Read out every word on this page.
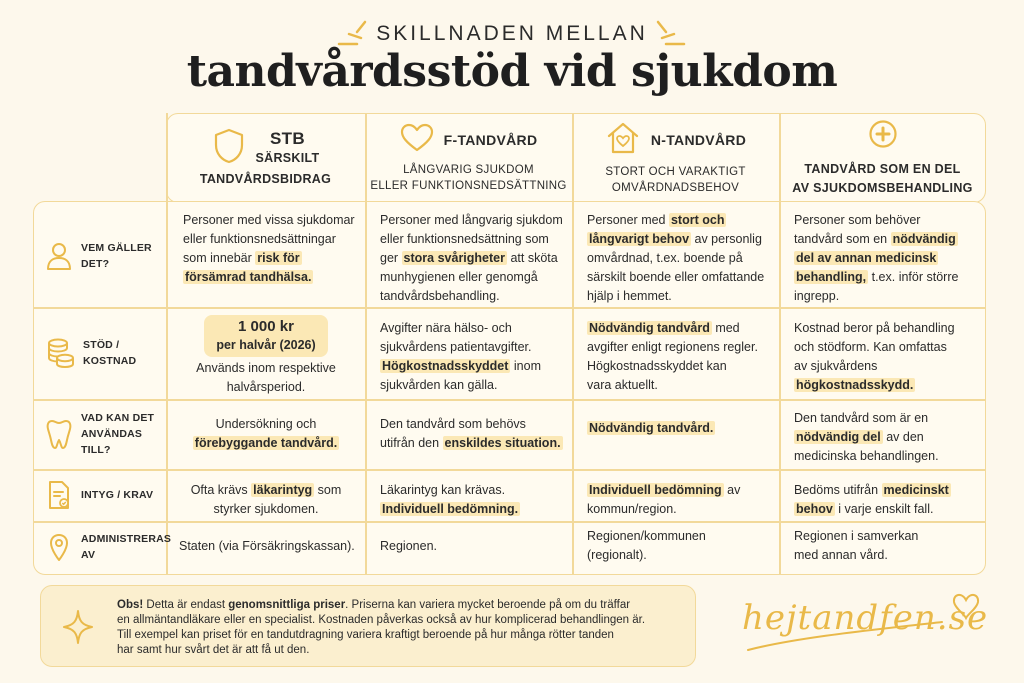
SKILLNADEN MELLAN
tandvårdsstöd vid sjukdom
STB
SÄRSKILT
TANDVÅRDSBIDRAG
F-TANDVÅRD
LÅNGVARIG SJUKDOM
ELLER FUNKTIONSNEDSÄTTNING
N-TANDVÅRD
STORT OCH VARAKTIGT
OMVÅRDNADSBEHOV
TANDVÅRD SOM EN DEL
AV SJUKDOMSBEHANDLING
VEM GÄLLER
DET?
STÖD /
KOSTNAD
VAD KAN DET
ANVÄNDAS TILL?
INTYG / KRAV
ADMINISTRERAS AV
Personer med vissa sjukdomar
eller funktionsnedsättningar
som innebär risk för
försämrad tandhälsa.
Personer med långvarig sjukdom
eller funktionsnedsättning som
ger stora svårigheter att sköta
munhygienen eller genomgå
tandvårdsbehandling.
Personer med stort och
långvarigt behov av personlig
omvårdnad, t.ex. boende på
särskilt boende eller omfattande
hjälp i hemmet.
Personer som behöver
tandvård som en nödvändig
del av annan medicinsk
behandling, t.ex. inför större
ingrepp.
1 000 kr
per halvår (2026)
Används inom respektive
halvårsperiod.
Avgifter nära hälso- och
sjukvårdens patientavgifter.
Högkostnadsskyddet inom
sjukvården kan gälla.
Nödvändig tandvård med
avgifter enligt regionens regler.
Högkostnadsskyddet kan
vara aktuellt.
Kostnad beror på behandling
och stödform. Kan omfattas
av sjukvårdens
högkostnadsskydd.
Undersökning och
förebyggande tandvård.
Den tandvård som behövs
utifrån den enskildes situation.
Nödvändig tandvård.
Den tandvård som är en
nödvändig del av den
medicinska behandlingen.
Ofta krävs läkarintyg som
styrker sjukdomen.
Läkarintyg kan krävas.
Individuell bedömning.
Individuell bedömning av
kommun/region.
Bedöms utifrån medicinskt
behov i varje enskilt fall.
Staten (via Försäkringskassan).	Regionen.
Regionen/kommunen
(regionalt).
Regionen i samverkan
med annan vård.
Obs! Detta är endast genomsnittliga priser. Priserna kan variera mycket beroende på om du träffar
en allmäntandläkare eller en specialist. Kostnaden påverkas också av hur komplicerad behandlingen är.
Till exempel kan priset för en tandutdragning variera kraftigt beroende på hur många rötter tanden
har samt hur svårt det är att få ut den.
hejtandfen.se
